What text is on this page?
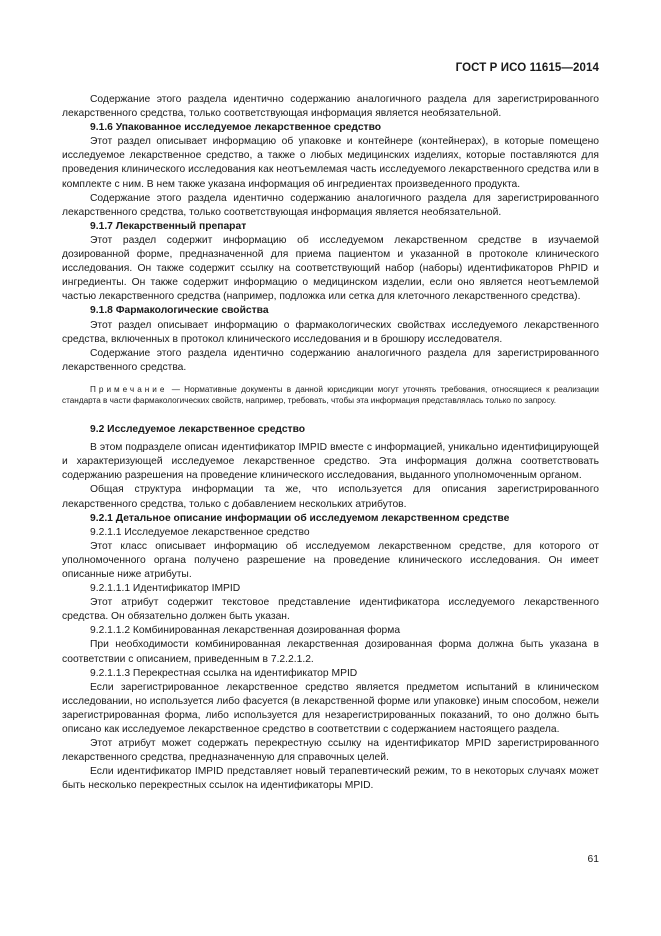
ГОСТ Р ИСО 11615—2014

Содержание этого раздела идентично содержанию аналогичного раздела для зарегистрированного лекарственного средства, только соответствующая информация является необязательной.

9.1.6 Упакованное исследуемое лекарственное средство

Этот раздел описывает информацию об упаковке и контейнере (контейнерах), в которые помещено исследуемое лекарственное средство, а также о любых медицинских изделиях, которые поставляются для проведения клинического исследования как неотъемлемая часть исследуемого лекарственного средства или в комплекте с ним. В нем также указана информация об ингредиентах произведенного продукта.

Содержание этого раздела идентично содержанию аналогичного раздела для зарегистрированного лекарственного средства, только соответствующая информация является необязательной.

9.1.7 Лекарственный препарат

Этот раздел содержит информацию об исследуемом лекарственном средстве в изучаемой дозированной форме, предназначенной для приема пациентом и указанной в протоколе клинического исследования. Он также содержит ссылку на соответствующий набор (наборы) идентификаторов PhPID и ингредиенты. Он также содержит информацию о медицинском изделии, если оно является неотъемлемой частью лекарственного средства (например, подложка или сетка для клеточного лекарственного средства).

9.1.8 Фармакологические свойства

Этот раздел описывает информацию о фармакологических свойствах исследуемого лекарственного средства, включенных в протокол клинического исследования и в брошюру исследователя.

Содержание этого раздела идентично содержанию аналогичного раздела для зарегистрированного лекарственного средства.

Примечание — Нормативные документы в данной юрисдикции могут уточнять требования, относящиеся к реализации стандарта в части фармакологических свойств, например, требовать, чтобы эта информация представлялась только по запросу.

9.2 Исследуемое лекарственное средство

В этом подразделе описан идентификатор IMPID вместе с информацией, уникально идентифицирующей и характеризующей исследуемое лекарственное средство. Эта информация должна соответствовать содержанию разрешения на проведение клинического исследования, выданного уполномоченным органом.

Общая структура информации та же, что используется для описания зарегистрированного лекарственного средства, только с добавлением нескольких атрибутов.

9.2.1 Детальное описание информации об исследуемом лекарственном средстве

9.2.1.1 Исследуемое лекарственное средство

Этот класс описывает информацию об исследуемом лекарственном средстве, для которого от уполномоченного органа получено разрешение на проведение клинического исследования. Он имеет описанные ниже атрибуты.

9.2.1.1.1 Идентификатор IMPID

Этот атрибут содержит текстовое представление идентификатора исследуемого лекарственного средства. Он обязательно должен быть указан.

9.2.1.1.2 Комбинированная лекарственная дозированная форма

При необходимости комбинированная лекарственная дозированная форма должна быть указана в соответствии с описанием, приведенным в 7.2.2.1.2.

9.2.1.1.3 Перекрестная ссылка на идентификатор MPID

Если зарегистрированное лекарственное средство является предметом испытаний в клиническом исследовании, но используется либо фасуется (в лекарственной форме или упаковке) иным способом, нежели зарегистрированная форма, либо используется для незарегистрированных показаний, то оно должно быть описано как исследуемое лекарственное средство в соответствии с содержанием настоящего раздела.

Этот атрибут может содержать перекрестную ссылку на идентификатор MPID зарегистрированного лекарственного средства, предназначенную для справочных целей.

Если идентификатор IMPID представляет новый терапевтический режим, то в некоторых случаях может быть несколько перекрестных ссылок на идентификаторы MPID.

61
